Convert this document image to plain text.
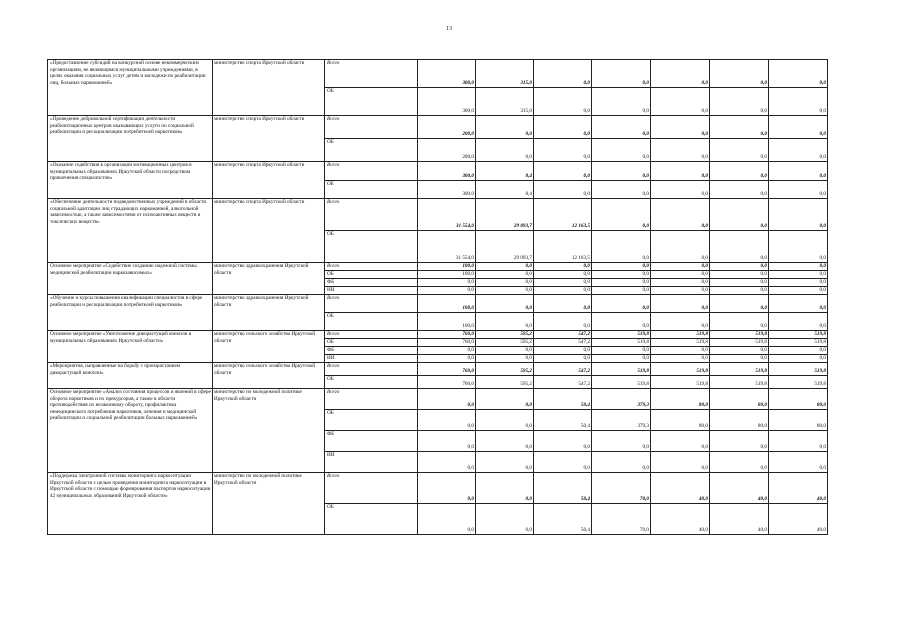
13
«Предоставление субсидий на конкурсной основе некоммерческим организациям, не являющимся муниципальными учреждениями, в целях оказания социальных услуг детям и молодежи по реабилитации лиц, больных наркоманией»	министерство спорта Иркутской области	Всего	300,0	315,0	0,0	0,0	0,0	0,0	0,0
		ОБ	300,0	315,0	0,0	0,0	0,0	0,0	0,0
«Проведение добровольной сертификации деятельности реабилитационных центров оказывающих услуги по социальной реабилитации и ресоциализации потребителей наркотиков»	министерство спорта Иркутской области	Всего	200,0	0,0	0,0	0,0	0,0	0,0	0,0
		ОБ	200,0	0,0	0,0	0,0	0,0	0,0	0,0
«Оказание содействия в организации мотивационных центров в муниципальных образованиях Иркутской области посредством привлечения специалистов»	министерство спорта Иркутской области	Всего	300,0	8,4	0,0	0,0	0,0	0,0	0,0
		ОБ	300,0	8,4	0,0	0,0	0,0	0,0	0,0
«Обеспечение деятельности подведомственных учреждений в области социальной адаптации лиц страдающих наркоманией, алкогольной зависимостью, а также зависимостями от психоактивных веществ и токсических веществ»	министерство спорта Иркутской области	Всего	31 554,0	29 093,7	12 163,5	0,0	0,0	0,0	0,0
		ОБ	31 554,0	29 093,7	12 163,5	0,0	0,0	0,0	0,0
Основное мероприятие «Содействие созданию надежной системы медицинской реабилитации наркозависимых»	министерство здравоохранения Иркутской области	Всего	100,0	0,0	0,0	0,0	0,0	0,0	0,0
		ОБ	100,0	0,0	0,0	0,0	0,0	0,0	0,0
		ФБ	0,0	0,0	0,0	0,0	0,0	0,0	0,0
		ИИ	0,0	0,0	0,0	0,0	0,0	0,0	0,0
«Обучение и курсы повышения квалификации специалистов в сфере реабилитации и ресоциализации потребителей наркотиков»	министерство здравоохранения Иркутской области	Всего	100,0	0,0	0,0	0,0	0,0	0,0	0,0
		ОБ	100,0	0,0	0,0	0,0	0,0	0,0	0,0
Основное мероприятие «Уничтожение дикорастущей конопли в муниципальных образованиях Иркутской области»	министерство сельского хозяйства Иркутской области	Всего	760,0	595,2	547,2	519,8	519,8	519,8	519,8
		ОБ	760,0	595,2	547,2	519,8	519,8	519,8	519,8
		ФБ	0,0	0,0	0,0	0,0	0,0	0,0	0,0
		ИИ	0,0	0,0	0,0	0,0	0,0	0,0	0,0
«Мероприятия, направленные на борьбу с произрастанием дикорастущей конопли»	министерство сельского хозяйства Иркутской области	Всего	760,0	595,2	547,2	519,8	519,8	519,8	519,8
		ОБ	760,0	595,2	547,2	519,8	519,8	519,8	519,8
Основное мероприятие «Анализ состояния процессов и явлений в сфере оборота наркотиков и их прекурсоров, а также в области противодействия их незаконному обороту, профилактика немедицинского потребления наркотиков, лечения и медицинской реабилитации и социальной реабилитации больных наркоманией»	министерство по молодежной политике Иркутской области	Всего	0,0	0,0	50,4	379,3	80,0	80,0	80,0
		ОБ	0,0	0,0	50,4	379,3	80,0	80,0	80,0
		ФБ	0,0	0,0	0,0	0,0	0,0	0,0	0,0
		ИИ	0,0	0,0	0,0	0,0	0,0	0,0	0,0
«Поддержка электронной системы мониторинга наркоситуации Иркутской области с целью проведения мониторинга наркоситуации в Иркутской области с помощью формирования паспортов наркоситуации 42 муниципальных образований Иркутской области»	министерство по молодежной политике Иркутской области	Всего	0,0	0,0	50,4	70,0	40,0	40,0	40,0
		ОБ	0,0	0,0	50,4	70,0	40,0	40,0	40,0
